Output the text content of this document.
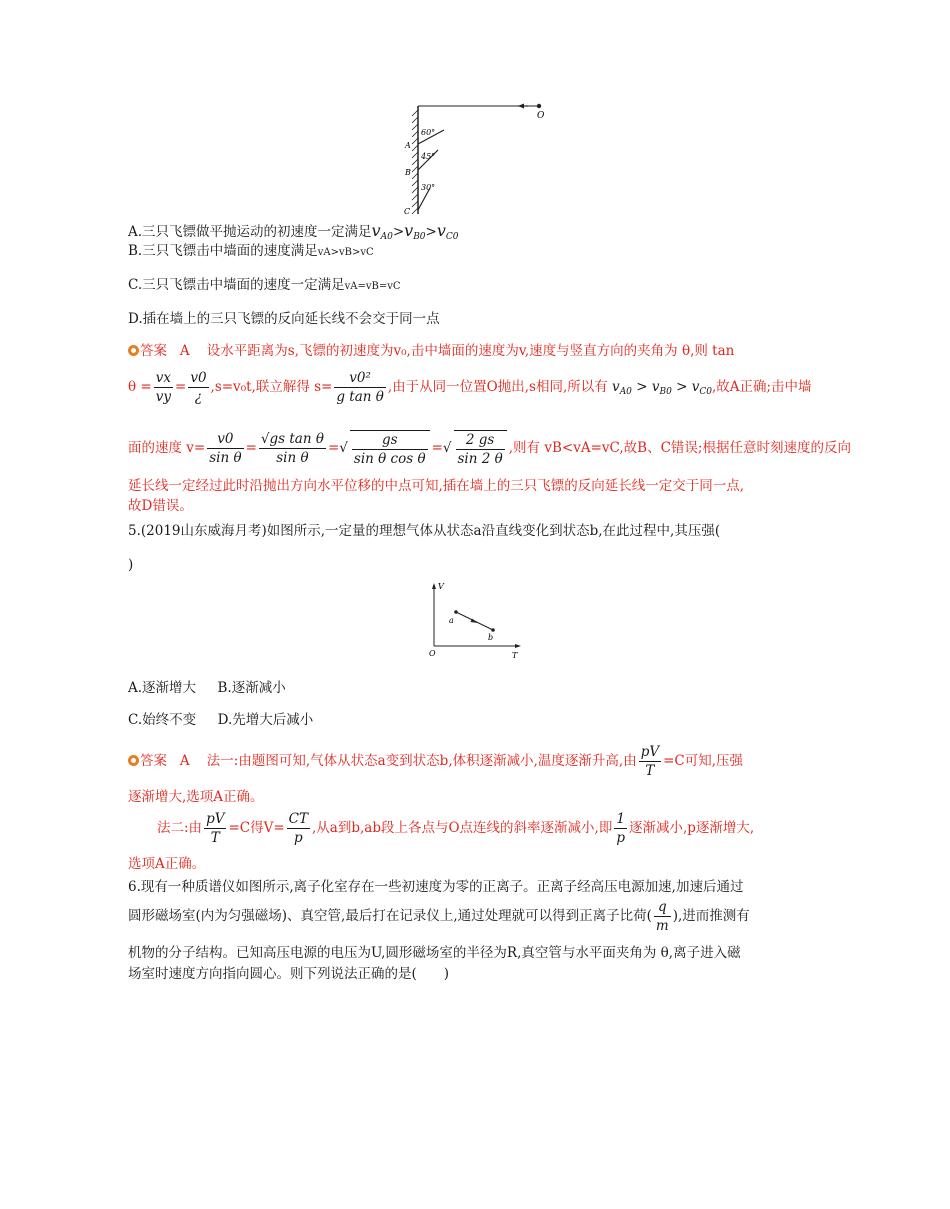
O
60°
45°
30°
A
B
C
A.三只飞镖做平抛运动的初速度一定满足$v_{A0}>v_{B0}>v_{C0}$
B.三只飞镖击中墙面的速度满足vA>vB>vC
C.三只飞镖击中墙面的速度一定满足vA=vB=vC
D.插在墙上的三只飞镖的反向延长线不会交于同一点
答案 A 设水平距离为s,飞镖的初速度为v₀,击中墙面的速度为v,速度与竖直方向的夹角为 θ,则 tan
$\theta = \frac{vx}{vy} = \frac{v0}{¿} ,s=v_0t$,联立解得 $s= \frac{\text{v0²}}{\text{g tan θ}}$ ,由于从同一位置O抛出,s相同,所以有 $v_{A0} > v_{B0} > v_{C0}$,故A正确;击中墙
面的速度 $v= \frac{v0}{\text{sin θ}} = \frac{\text{√gs tan θ}}{\text{sin θ}}$ =√ $\frac{gs}{\text{sin θ cos θ}}$ =√ $\frac{2 gs}{\sin 2 \theta}$ ,则有 vB<vA=vC,故B、C错误;根据任意时刻速度的反向
延长线一定经过此时沿抛出方向水平位移的中点可知,插在墙上的三只飞镖的反向延长线一定交于同一点,
故D错误。
5.(2019山东威海月考)如图所示,一定量的理想气体从状态a沿直线变化到状态b,在此过程中,其压强(
)
V
T
O
a
b
A.逐渐增大 B.逐渐减小
C.始终不变 D.先增大后减小
答案 A 法一:由题图可知,气体从状态a变到状态b,体积逐渐减小,温度逐渐升高,由 $\frac{pV}{T} =C$可知,压强
逐渐增大,选项A正确。
法二:由 $\frac{pV}{T} =C$得$V= \frac{CT}{p}$ ,从a到b,ab段上各点与O点连线的斜率逐渐减小,即 $\frac{1}{p}$ 逐渐减小,p逐渐增大,
选项A正确。
6.现有一种质谱仪如图所示,离子化室存在一些初速度为零的正离子。正离子经高压电源加速,加速后通过
圆形磁场室(内为匀强磁场)、真空管,最后打在记录仪上,通过处理就可以得到正离子比荷( $\frac{q}{m}$ ),进而推测有
机物的分子结构。已知高压电源的电压为U,圆形磁场室的半径为R,真空管与水平面夹角为 θ,离子进入磁
场室时速度方向指向圆心。则下列说法正确的是(　　)
